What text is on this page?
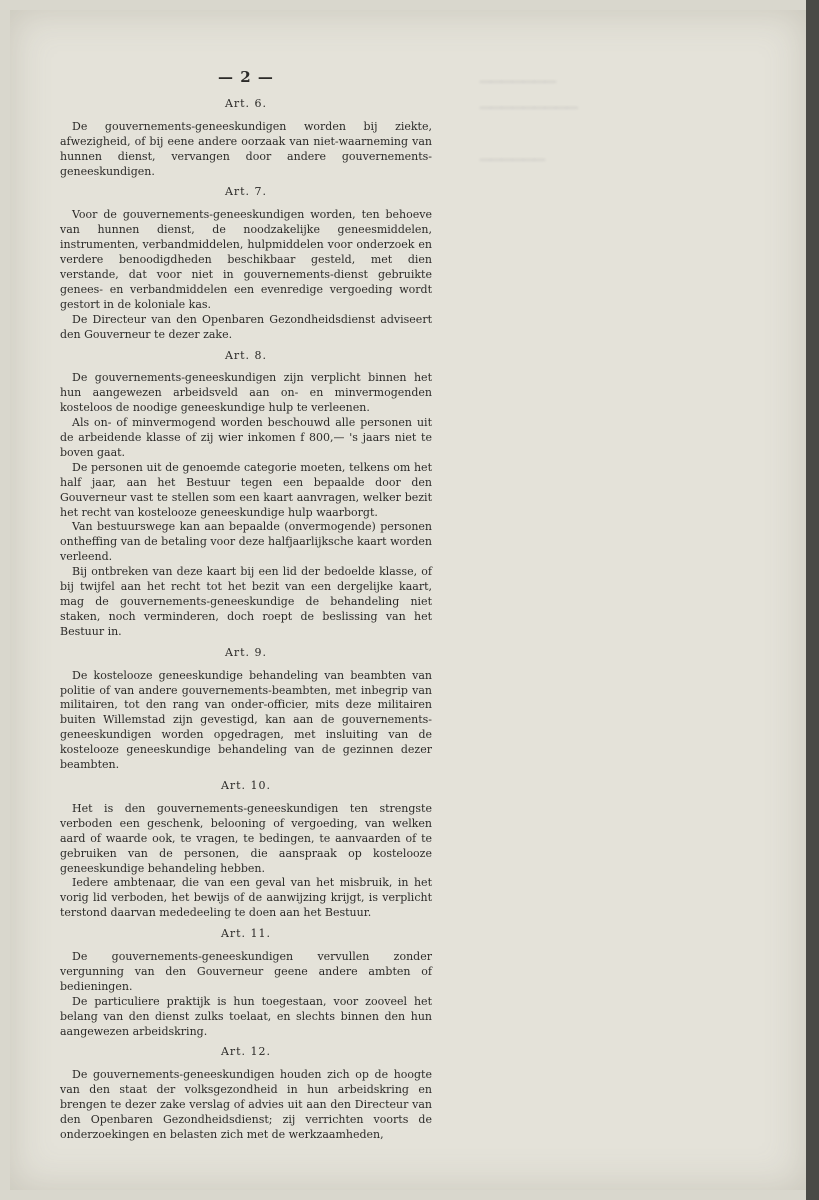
───────
─────────

──────
— 2 —
Art. 6.

De gouvernements-geneeskundigen worden bij ziekte, afwezigheid, of bij eene andere oorzaak van niet-waarneming van hunnen dienst, vervangen door andere gouvernements-geneeskundigen.

Art. 7.

Voor de gouvernements-geneeskundigen worden, ten behoeve van hunnen dienst, de noodzakelijke geneesmiddelen, instrumenten, verbandmiddelen, hulpmiddelen voor onderzoek en verdere benoodigdheden beschikbaar gesteld, met dien verstande, dat voor niet in gouvernements-dienst gebruikte genees- en verbandmiddelen een evenredige vergoeding wordt gestort in de koloniale kas.

De Directeur van den Openbaren Gezondheidsdienst adviseert den Gouverneur te dezer zake.

Art. 8.

De gouvernements-geneeskundigen zijn verplicht binnen het hun aangewezen arbeidsveld aan on- en minvermogenden kosteloos de noodige geneeskundige hulp te verleenen.

Als on- of minvermogend worden beschouwd alle personen uit de arbeidende klasse of zij wier inkomen f 800,— 's jaars niet te boven gaat.

De personen uit de genoemde categorie moeten, telkens om het half jaar, aan het Bestuur tegen een bepaalde door den Gouverneur vast te stellen som een kaart aanvragen, welker bezit het recht van kostelooze geneeskundige hulp waarborgt.

Van bestuurswege kan aan bepaalde (onvermogende) personen ontheffing van de betaling voor deze halfjaarlijksche kaart worden verleend.

Bij ontbreken van deze kaart bij een lid der bedoelde klasse, of bij twijfel aan het recht tot het bezit van een dergelijke kaart, mag de gouvernements-geneeskundige de behandeling niet staken, noch verminderen, doch roept de beslissing van het Bestuur in.

Art. 9.

De kostelooze geneeskundige behandeling van beambten van politie of van andere gouvernements-beambten, met inbegrip van militairen, tot den rang van onder-officier, mits deze militairen buiten Willemstad zijn gevestigd, kan aan de gouvernements-geneeskundigen worden opgedragen, met insluiting van de kostelooze geneeskundige behandeling van de gezinnen dezer beambten.

Art. 10.

Het is den gouvernements-geneeskundigen ten strengste verboden een geschenk, belooning of vergoeding, van welken aard of waarde ook, te vragen, te bedingen, te aanvaarden of te gebruiken van de personen, die aanspraak op kostelooze geneeskundige behandeling hebben.

Iedere ambtenaar, die van een geval van het misbruik, in het vorig lid verboden, het bewijs of de aanwijzing krijgt, is verplicht terstond daarvan mededeeling te doen aan het Bestuur.

Art. 11.

De gouvernements-geneeskundigen vervullen zonder vergunning van den Gouverneur geene andere ambten of bedieningen.

De particuliere praktijk is hun toegestaan, voor zooveel het belang van den dienst zulks toelaat, en slechts binnen den hun aangewezen arbeidskring.

Art. 12.

De gouvernements-geneeskundigen houden zich op de hoogte van den staat der volksgezondheid in hun arbeidskring en brengen te dezer zake verslag of advies uit aan den Directeur van den Openbaren Gezondheidsdienst; zij verrichten voorts de onderzoekingen en belasten zich met de werkzaamheden,
